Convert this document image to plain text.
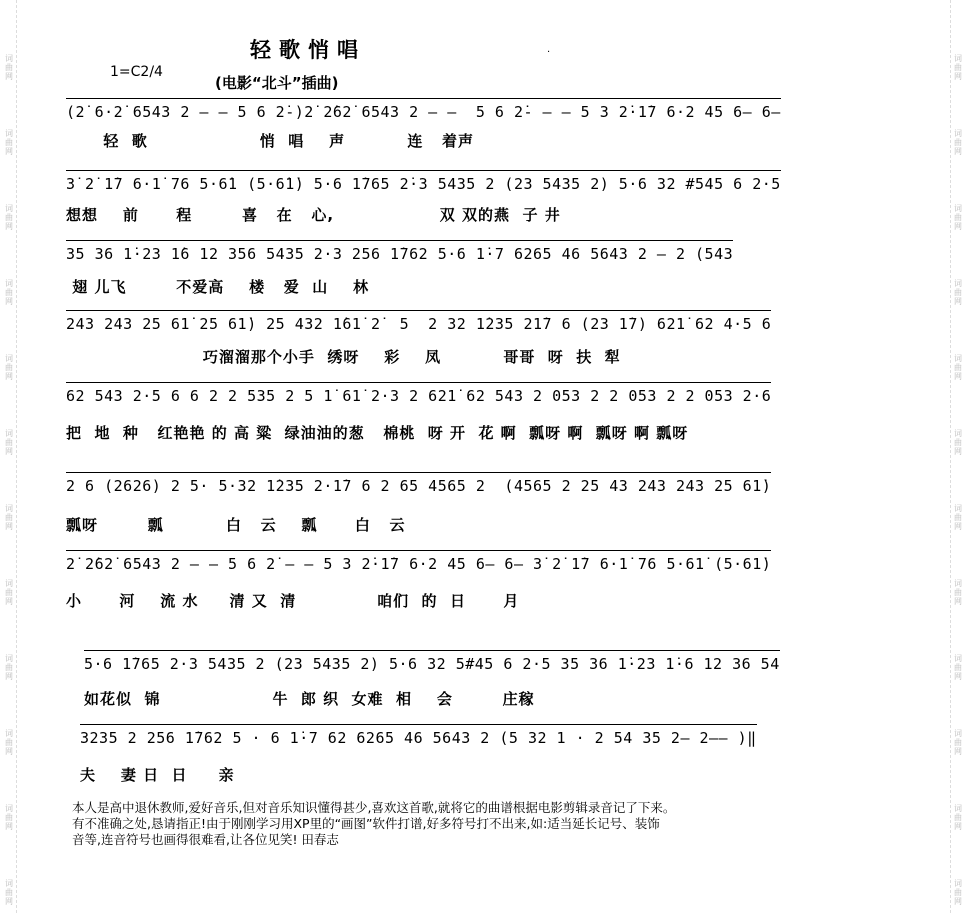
词曲网
词曲网
词曲网
词曲网
词曲网
词曲网
词曲网
词曲网
词曲网
词曲网
词曲网
词曲网
词曲网
词曲网
词曲网
词曲网
词曲网
词曲网
词曲网
词曲网
词曲网
词曲网
词曲网
词曲网
轻歌悄唱
1=C2/4
(电影“北斗”插曲)
.
(2̇ 6·2̇ 6543 2 — — 5 6 2̇-)2̇ 2̇62̇ 6543 2 — —  5 6 2̇- — — 5 3 2̇·1̇7 6·2 45 6— 6—
轻  歌                  悄  唱    声          连   着声
3̇ 2̇ 1̇7 6·1̇ 76 5·6̇1 (5·6̇1̇) 5·6 1̇765 2̇·3 5435 2 (23 5435 2) 5·6 32 #545 6 2·5
想想    前      程        喜   在   心,                 双 双的燕  子 井
35 36 1̇·23 1̇6 12 356 5435 2·3 256 1̇762 5·6 1̇·7 6265 46 5643 2 — 2 (543
翅 儿飞        不爱高    楼   爱  山    林
243 243 25 61̇ 25 61̇) 25 432 1̇61̇ 2̇  5  2 32 1̇235 21̇7 6 (23 1̇7) 621̇ 62 4·5 6
巧溜溜那个小手  绣呀    彩    凤          哥哥  呀  扶  犁
62 543 2·5 6 6 2 2 535 2 5 1̇ 61̇ 2·3 2 621̇ 62 543 2 053 2 2 053 2 2 053 2·6
把  地  种   红艳艳 的 高 粱  绿油油的葱   棉桃  呀 开  花 啊  瓢呀 啊  瓢呀 啊 瓢呀
2 6 (2626) 2 5· 5·32 1̇235 2·1̇7 6 2 65 4565 2  (4565 2 25 43 243 243 25 61̇)
瓢呀        瓢          白   云    瓢      白   云
2̇ 2̇62̇ 6543 2 — — 5 6 2̇ — — 5 3 2̇·1̇7 6·2 45 6— 6— 3̇ 2̇ 1̇7 6·1̇ 76 5·61̇ (5·61̇)
小      河    流 水     清 又  清             咱们  的  日      月
5·6 1̇765 2·3 5435 2 (23 5435 2) 5·6 32 5#45 6 2·5 35 36 1̇·23 1̇·6 12 36 54
如花似  锦                  牛  郎 织  女难  相    会        庄稼
3235 2 256 1̇762 5 · 6 1̇·7 62 6265 46 5643 2 (5 32 1 · 2 54 35 2— 2—— )‖
夫    妻 日  日     亲
本人是高中退休教师,爱好音乐,但对音乐知识懂得甚少,喜欢这首歌,就将它的曲谱根据电影剪辑录音记了下来。
有不准确之处,恳请指正!由于刚刚学习用XP里的“画图”软件打谱,好多符号打不出来,如:适当延长记号、装饰
音等,连音符号也画得很难看,让各位见笑! 田春志
